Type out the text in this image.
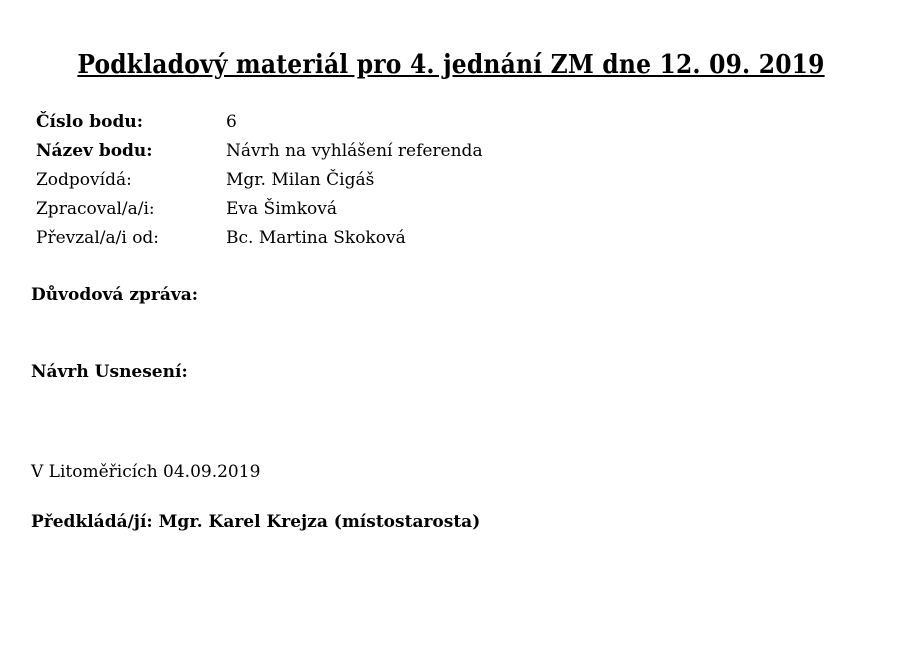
Podkladový materiál pro 4. jednání ZM dne 12. 09. 2019
Číslo bodu:	6
Název bodu:	Návrh na vyhlášení referenda
Zodpovídá:	Mgr. Milan Čigáš
Zpracoval/a/i:	Eva Šimková
Převzal/a/i od:	Bc. Martina Skoková
Důvodová zpráva:
Návrh Usnesení:
V Litoměřicích 04.09.2019
Předkládá/jí: Mgr. Karel Krejza (místostarosta)
